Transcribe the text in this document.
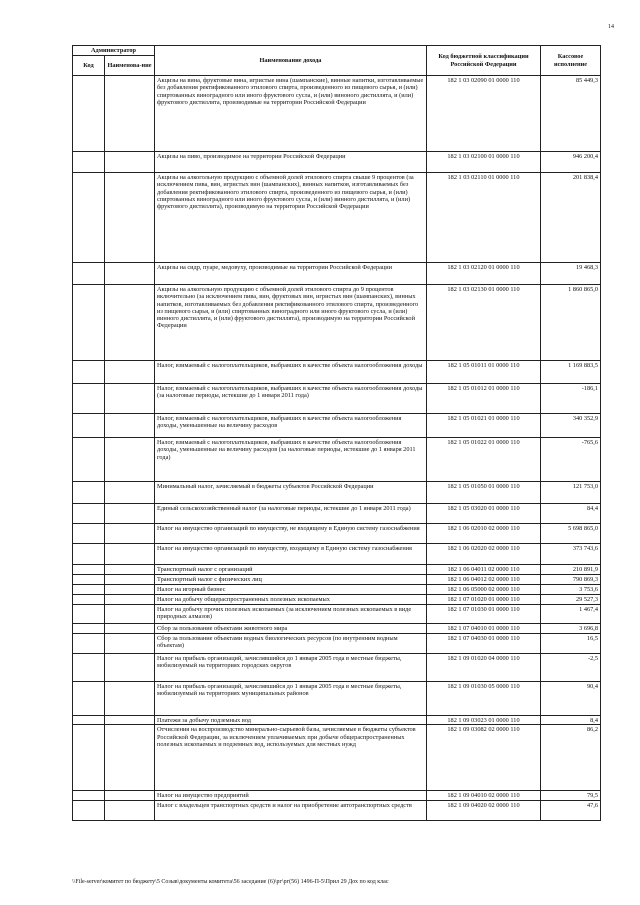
14
Администратор		Наименование дохода	Код бюджетной классификации Российской Федерации	Кассовое исполнение
Код	Наименова-ние			
		Акцизы на вина, фруктовые вина, игристые вина (шампанские), винные напитки, изготавливаемые без добавления ректификованного этилового спирта, произведенного из пищевого сырья, и (или) спиртованных виноградного или иного фруктового сусла, и (или) виноного дистиллята, и (или) фруктового дистиллята, производимые на территории Российской Федерации	182 1 03 02090 01 0000 110	85 449,3
		Акцизы на пиво, производимое на территории Российской Федерации	182 1 03 02100 01 0000 110	946 200,4
		Акцизы на алкогольную продукцию с объемной долей этилового спирта свыше 9 процентов (за исключением пива, вин, игристых вин (шампанских), винных напитков, изготавливаемых без добавления ректификованного этилового спирта, произведенного из пищевого сырья, и (или) спиртованных виноградного или иного фруктового сусла, и (или) винного дистиллята, и (или) фруктового дистиллята), производимую на территории Российской Федерации	182 1 03 02110 01 0000 110	201 838,4
		Акцизы на сидр, пуаре, медовуху, производимые на территории Российской Федерации	182 1 03 02120 01 0000 110	19 468,3
		Акцизы на алкогольную продукцию с объемной долей этилового спирта до 9 процентов включительно (за исключением пива, вин, фруктовых вин, игристых вин (шампанских), винных напитков, изготавливаемых без добавления ректификованного этилового спирта, произведенного из пищевого сырья, и (или) спиртованных виноградного или иного фруктового сусла, и (или) винного дистиллята, и (или) фруктового дистиллята), производимую на территории Российской Федерации	182 1 03 02130 01 0000 110	1 860 865,0
		Налог, взимаемый с налогоплательщиков, выбравших в качестве объекта налогообложения доходы	182 1 05 01011 01 0000 110	1 169 883,5
		Налог, взимаемый с налогоплательщиков, выбравших в качестве объекта налогообложения доходы (за налоговые периоды, истекшие до 1 января 2011 года)	182 1 05 01012 01 0000 110	-186,1
		Налог, взимаемый с налогоплательщиков, выбравших в качестве объекта налогообложения доходы, уменьшенные на величину расходов	182 1 05 01021 01 0000 110	340 352,9
		Налог, взимаемый с налогоплательщиков, выбравших в качестве объекта налогообложения доходы, уменьшенные на величину расходов (за налоговые периоды, истекшие до 1 января 2011 года)	182 1 05 01022 01 0000 110	-765,6
		Минимальный налог, зачисляемый в бюджеты субъектов Российской Федерации	182 1 05 01050 01 0000 110	121 753,0
		Единый сельскохозяйственный налог (за налоговые периоды, истекшие до 1 января 2011 года)	182 1 05 03020 01 0000 110	84,4
		Налог на имущество организаций по имуществу, не входящему в Единую систему газоснабжения	182 1 06 02010 02 0000 110	5 698 865,0
		Налог на имущество организаций по имуществу, входящему в Единую систему газоснабжения	182 1 06 02020 02 0000 110	373 743,6
		Транспортный налог с организаций	182 1 06 04011 02 0000 110	210 891,9
		Транспортный налог с физических лиц	182 1 06 04012 02 0000 110	790 869,3
		Налог на игорный бизнес	182 1 06 05000 02 0000 110	3 753,6
		Налог на добычу общераспространенных полезных ископаемых	182 1 07 01020 01 0000 110	29 527,3
		Налог на добычу прочих полезных ископаемых (за исключением полезных ископаемых в виде природных алмазов)	182 1 07 01030 01 0000 110	1 467,4
		Сбор за пользование объектами животного мира	182 1 07 04010 01 0000 110	3 696,8
		Сбор за пользование объектами водных биологических ресурсов (по внутренним водным объектам)	182 1 07 04030 01 0000 110	16,5
		Налог на прибыль организаций, зачислявшийся до 1 января 2005 года в местные бюджеты, мобилизуемый на территориях городских округов	182 1 09 01020 04 0000 110	-2,5
		Налог на прибыль организаций, зачислявшийся до 1 января 2005 года в местные бюджеты, мобилизуемый на территориях муниципальных районов	182 1 09 01030 05 0000 110	90,4
		Платежи за добычу подземных вод	182 1 09 03023 01 0000 110	8,4
		Отчисления на воспроизводство минерально-сырьевой базы, зачисляемые в бюджеты субъектов Российской Федерации, за исключением уплачиваемых при добыче общераспространенных полезных ископаемых и подземных вод, используемых для местных нужд	182 1 09 03082 02 0000 110	86,2
		Налог на имущество предприятий	182 1 09 04010 02 0000 110	79,5
		Налог с владельцев транспортных средств и налог на приобретение автотранспортных средств	182 1 09 04020 02 0000 110	47,6
\\File-server\комитет по бюджету\5 Созыв\документы комитета\56 заседание (6)\рг\рг(56) 1496-П-5\Прил 29 Дох по код клас
